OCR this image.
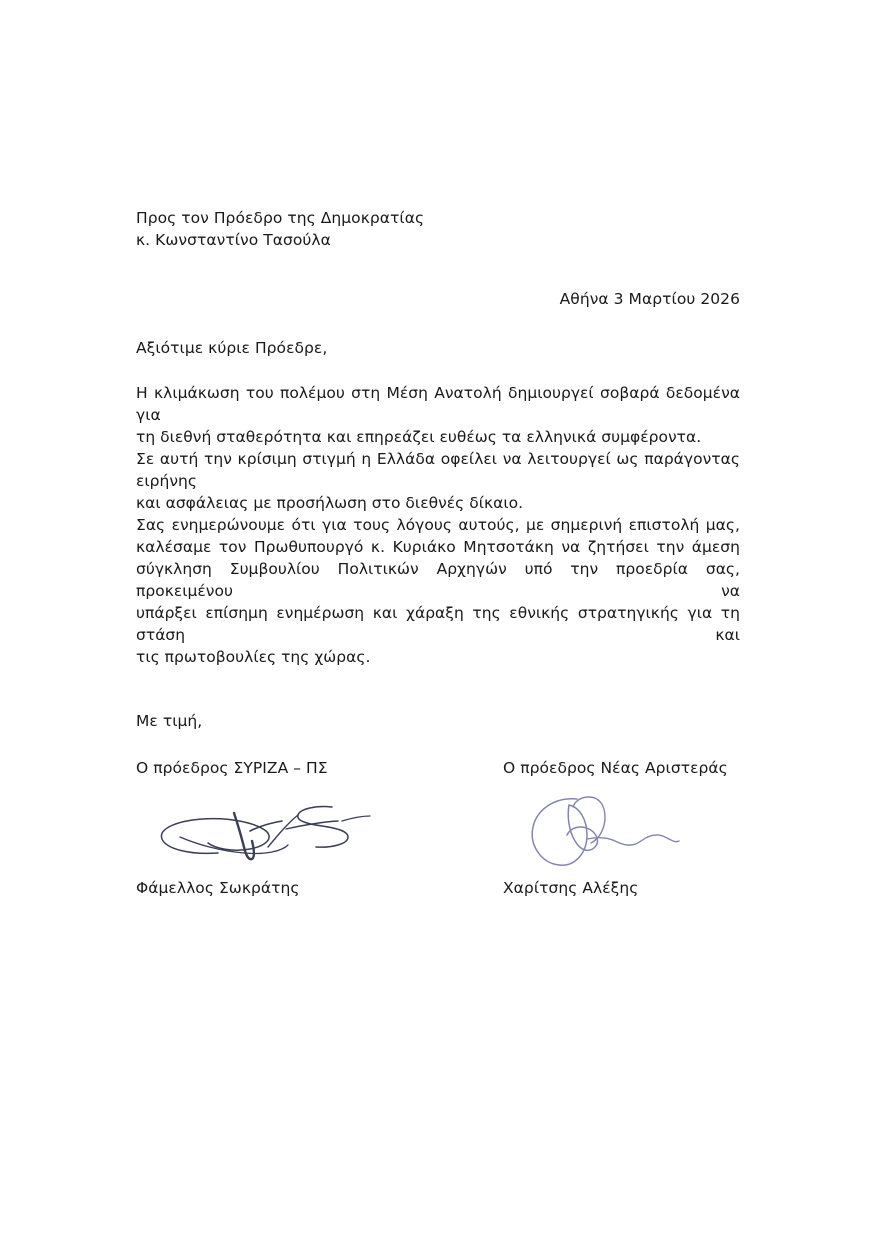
Προς τον Πρόεδρο της Δημοκρατίας
κ. Κωνσταντίνο Τασούλα
Αθήνα 3 Μαρτίου 2026
Αξιότιμε κύριε Πρόεδρε,
Η κλιμάκωση του πολέμου στη Μέση Ανατολή δημιουργεί σοβαρά δεδομένα για
τη διεθνή σταθερότητα και επηρεάζει ευθέως τα ελληνικά συμφέροντα.
Σε αυτή την κρίσιμη στιγμή η Ελλάδα οφείλει να λειτουργεί ως παράγοντας ειρήνης
και ασφάλειας με προσήλωση στο διεθνές δίκαιο.
Σας ενημερώνουμε ότι για τους λόγους αυτούς, με σημερινή επιστολή μας,
καλέσαμε τον Πρωθυπουργό κ. Κυριάκο Μητσοτάκη να ζητήσει την άμεση
σύγκληση Συμβουλίου Πολιτικών Αρχηγών υπό την προεδρία σας, προκειμένου να
υπάρξει επίσημη ενημέρωση και χάραξη της εθνικής στρατηγικής για τη στάση και
τις πρωτοβουλίες της χώρας.
Με τιμή,
Ο πρόεδρος ΣΥΡΙΖΑ – ΠΣ
Φάμελλος Σωκράτης
Ο πρόεδρος Νέας Αριστεράς
Χαρίτσης Αλέξης
